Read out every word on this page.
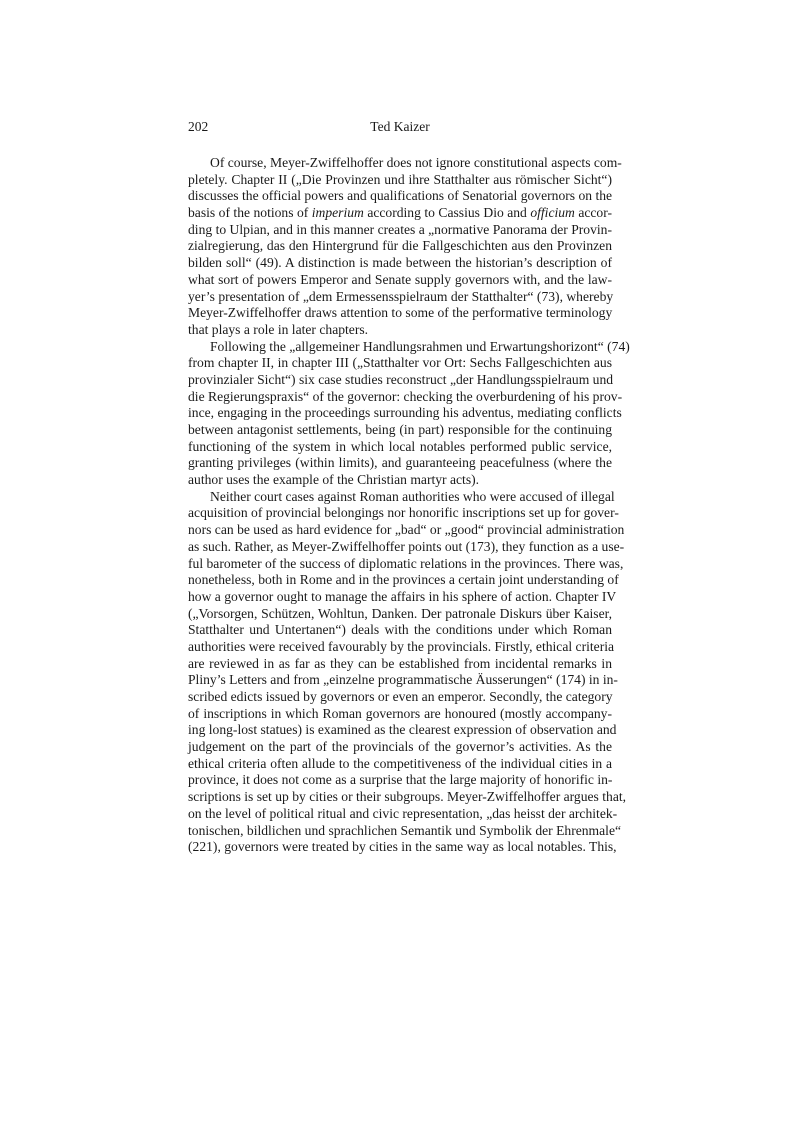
202	Ted Kaizer
Of course, Meyer-Zwiffelhoffer does not ignore constitutional aspects com-
pletely. Chapter II („Die Provinzen und ihre Statthalter aus römischer Sicht“)
discusses the official powers and qualifications of Senatorial governors on the
basis of the notions of imperium according to Cassius Dio and officium accor-
ding to Ulpian, and in this manner creates a „normative Panorama der Provin-
zialregierung, das den Hintergrund für die Fallgeschichten aus den Provinzen
bilden soll“ (49). A distinction is made between the historian’s description of
what sort of powers Emperor and Senate supply governors with, and the law-
yer’s presentation of „dem Ermessensspielraum der Statthalter“ (73), whereby
Meyer-Zwiffelhoffer draws attention to some of the performative terminology
that plays a role in later chapters.
Following the „allgemeiner Handlungsrahmen und Erwartungshorizont“ (74)
from chapter II, in chapter III („Statthalter vor Ort: Sechs Fallgeschichten aus
provinzialer Sicht“) six case studies reconstruct „der Handlungsspielraum und
die Regierungspraxis“ of the governor: checking the overburdening of his prov-
ince, engaging in the proceedings surrounding his adventus, mediating conflicts
between antagonist settlements, being (in part) responsible for the continuing
functioning of the system in which local notables performed public service,
granting privileges (within limits), and guaranteeing peacefulness (where the
author uses the example of the Christian martyr acts).
Neither court cases against Roman authorities who were accused of illegal
acquisition of provincial belongings nor honorific inscriptions set up for gover-
nors can be used as hard evidence for „bad“ or „good“ provincial administration
as such. Rather, as Meyer-Zwiffelhoffer points out (173), they function as a use-
ful barometer of the success of diplomatic relations in the provinces. There was,
nonetheless, both in Rome and in the provinces a certain joint understanding of
how a governor ought to manage the affairs in his sphere of action. Chapter IV
(„Vorsorgen, Schützen, Wohltun, Danken. Der patronale Diskurs über Kaiser,
Statthalter und Untertanen“) deals with the conditions under which Roman
authorities were received favourably by the provincials. Firstly, ethical criteria
are reviewed in as far as they can be established from incidental remarks in
Pliny’s Letters and from „einzelne programmatische Äusserungen“ (174) in in-
scribed edicts issued by governors or even an emperor. Secondly, the category
of inscriptions in which Roman governors are honoured (mostly accompany-
ing long-lost statues) is examined as the clearest expression of observation and
judgement on the part of the provincials of the governor’s activities. As the
ethical criteria often allude to the competitiveness of the individual cities in a
province, it does not come as a surprise that the large majority of honorific in-
scriptions is set up by cities or their subgroups. Meyer-Zwiffelhoffer argues that,
on the level of political ritual and civic representation, „das heisst der architek-
tonischen, bildlichen und sprachlichen Semantik und Symbolik der Ehrenmale“
(221), governors were treated by cities in the same way as local notables. This,
